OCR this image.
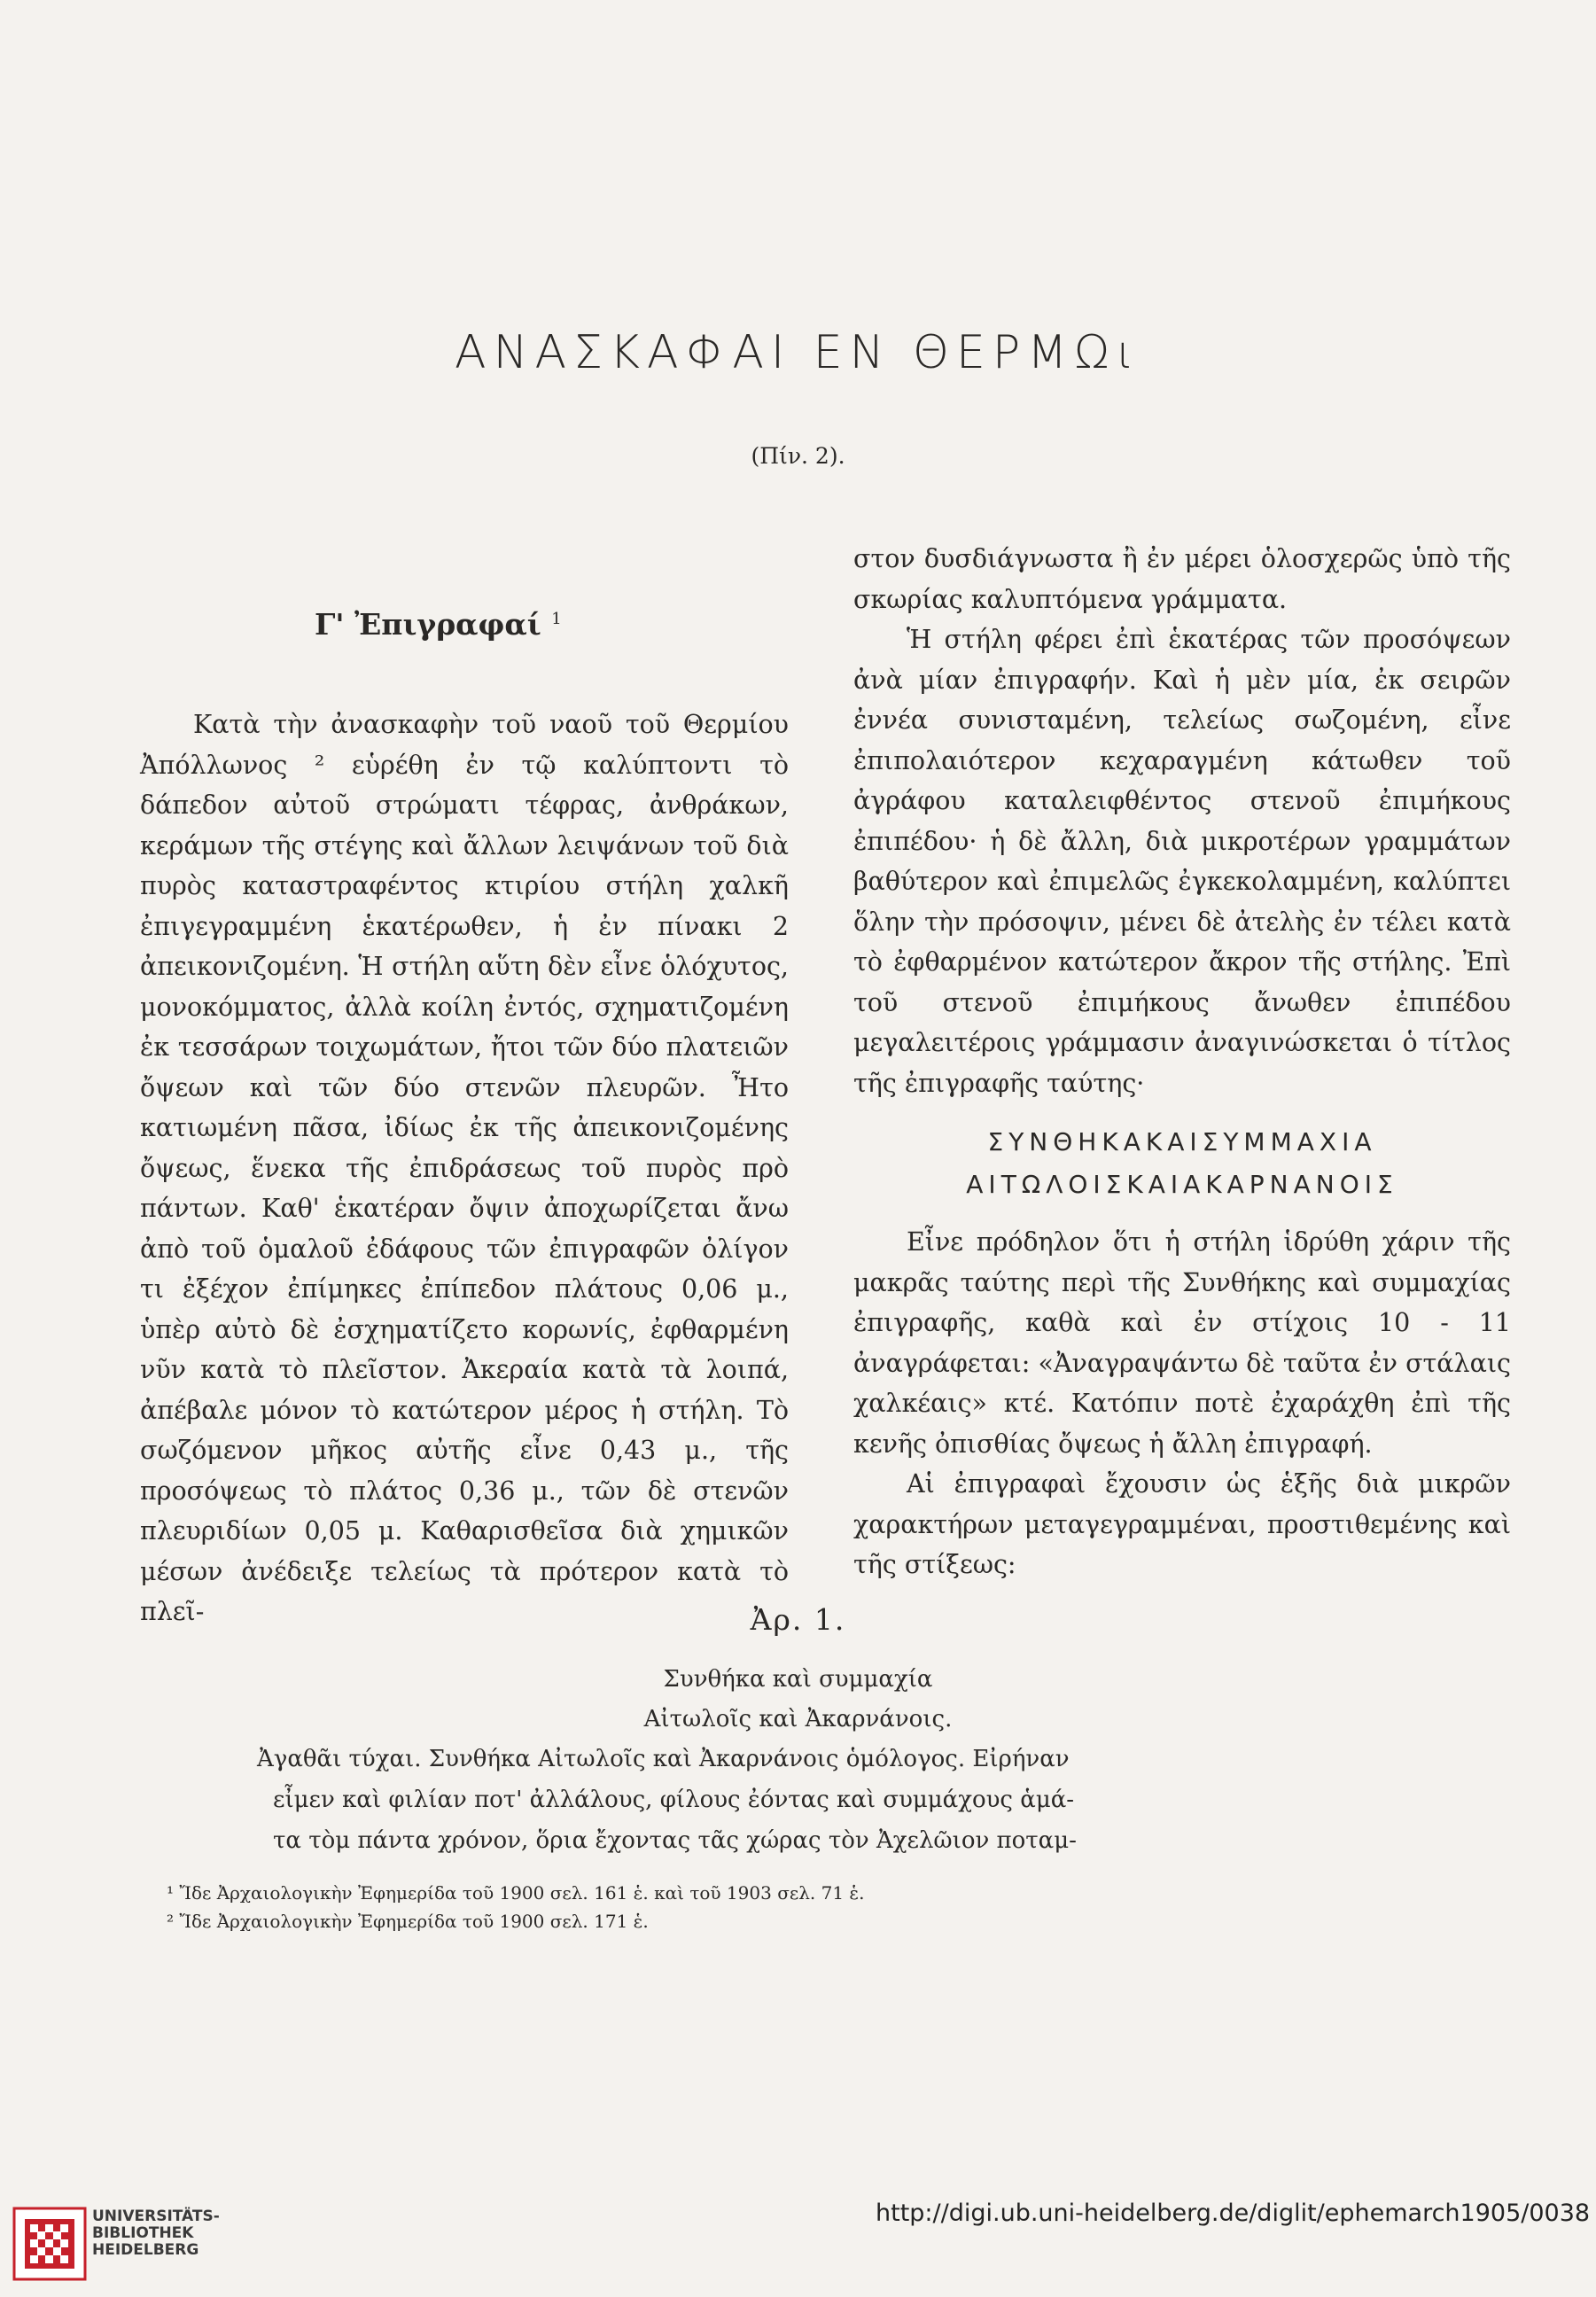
ΑΝΑΣΚΑΦΑΙ ΕΝ ΘΕΡΜΩι
(Πίν. 2).
Γ' Ἐπιγραφαί $^1$

Κατὰ τὴν ἀνασκαφὴν τοῦ ναοῦ τοῦ Θερμίου Ἀπόλλωνος ² εὑρέθη ἐν τῷ καλύπτοντι τὸ δάπεδον αὐτοῦ στρώματι τέφρας, ἀνθράκων, κεράμων τῆς στέγης καὶ ἄλλων λειψάνων τοῦ διὰ πυρὸς καταστραφέντος κτιρίου στήλη χαλκῆ ἐπιγεγραμμένη ἑκατέρωθεν, ἡ ἐν πίνακι 2 ἀπεικονιζομένη. Ἡ στήλη αὕτη δὲν εἶνε ὁλόχυτος, μονοκόμματος, ἀλλὰ κοίλη ἐντός, σχηματιζομένη ἐκ τεσσάρων τοιχωμάτων, ἤτοι τῶν δύο πλατειῶν ὄψεων καὶ τῶν δύο στενῶν πλευρῶν. Ἦτο κατιωμένη πᾶσα, ἰδίως ἐκ τῆς ἀπεικονιζομένης ὄψεως, ἕνεκα τῆς ἐπιδράσεως τοῦ πυρὸς πρὸ πάντων. Καθ' ἑκατέραν ὄψιν ἀποχωρίζεται ἄνω ἀπὸ τοῦ ὁμαλοῦ ἐδάφους τῶν ἐπιγραφῶν ὀλίγον τι ἐξέχον ἐπίμηκες ἐπίπεδον πλάτους 0,06 μ., ὑπὲρ αὐτὸ δὲ ἐσχηματίζετο κορωνίς, ἐφθαρμένη νῦν κατὰ τὸ πλεῖστον. Ἀκεραία κατὰ τὰ λοιπά, ἀπέβαλε μόνον τὸ κατώτερον μέρος ἡ στήλη. Τὸ σωζόμενον μῆκος αὐτῆς εἶνε 0,43 μ., τῆς προσόψεως τὸ πλάτος 0,36 μ., τῶν δὲ στενῶν πλευριδίων 0,05 μ. Καθαρισθεῖσα διὰ χημικῶν μέσων ἀνέδειξε τελείως τὰ πρότερον κατὰ τὸ πλεῖ-

στον δυσδιάγνωστα ἢ ἐν μέρει ὁλοσχερῶς ὑπὸ τῆς σκωρίας καλυπτόμενα γράμματα.

Ἡ στήλη φέρει ἐπὶ ἑκατέρας τῶν προσόψεων ἀνὰ μίαν ἐπιγραφήν. Καὶ ἡ μὲν μία, ἐκ σειρῶν ἐννέα συνισταμένη, τελείως σωζομένη, εἶνε ἐπιπολαιότερον κεχαραγμένη κάτωθεν τοῦ ἀγράφου καταλειφθέντος στενοῦ ἐπιμήκους ἐπιπέδου· ἡ δὲ ἄλλη, διὰ μικροτέρων γραμμάτων βαθύτερον καὶ ἐπιμελῶς ἐγκεκολαμμένη, καλύπτει ὅλην τὴν πρόσοψιν, μένει δὲ ἀτελὴς ἐν τέλει κατὰ τὸ ἐφθαρμένον κατώτερον ἄκρον τῆς στήλης. Ἐπὶ τοῦ στενοῦ ἐπιμήκους ἄνωθεν ἐπιπέδου μεγαλειτέροις γράμμασιν ἀναγινώσκεται ὁ τίτλος τῆς ἐπιγραφῆς ταύτης·

ΣΥΝΘΗΚΑΚΑΙΣΥΜΜΑΧΙΑ
ΑΙΤΩΛΟΙΣΚΑΙΑΚΑΡΝΑΝΟΙΣ

Εἶνε πρόδηλον ὅτι ἡ στήλη ἱδρύθη χάριν τῆς μακρᾶς ταύτης περὶ τῆς Συνθήκης καὶ συμμαχίας ἐπιγραφῆς, καθὰ καὶ ἐν στίχοις 10 - 11 ἀναγράφεται: «Ἀναγραψάντω δὲ ταῦτα ἐν στάλαις χαλκέαις» κτέ. Κατόπιν ποτὲ ἐχαράχθη ἐπὶ τῆς κενῆς ὀπισθίας ὄψεως ἡ ἄλλη ἐπιγραφή.

Αἱ ἐπιγραφαὶ ἔχουσιν ὡς ἑξῆς διὰ μικρῶν χαρακτήρων μεταγεγραμμέναι, προστιθεμένης καὶ τῆς στίξεως:

Ἀρ. 1.
Συνθήκα καὶ συμμαχία
Αἰτωλοῖς καὶ Ἀκαρνάνοις.

Ἀγαθᾶι τύχαι. Συνθήκα Αἰτωλοῖς καὶ Ἀκαρνάνοις ὁμόλογος. Εἰρήναν

εἶμεν καὶ φιλίαν ποτ' ἀλλάλους, φίλους ἐόντας καὶ συμμάχους ἁμά-

τα τὸμ πάντα χρόνον, ὅρια ἔχοντας τᾶς χώρας τὸν Ἀχελῶιον ποταμ-

¹ Ἴδε Ἀρχαιολογικὴν Ἐφημερίδα τοῦ 1900 σελ. 161 ἑ. καὶ τοῦ 1903 σελ. 71 ἑ.

² Ἴδε Ἀρχαιολογικὴν Ἐφημερίδα τοῦ 1900 σελ. 171 ἑ.

UNIVERSITÄTS-
BIBLIOTHEK
HEIDELBERG
http://digi.ub.uni-heidelberg.de/diglit/ephemarch1905/0038
